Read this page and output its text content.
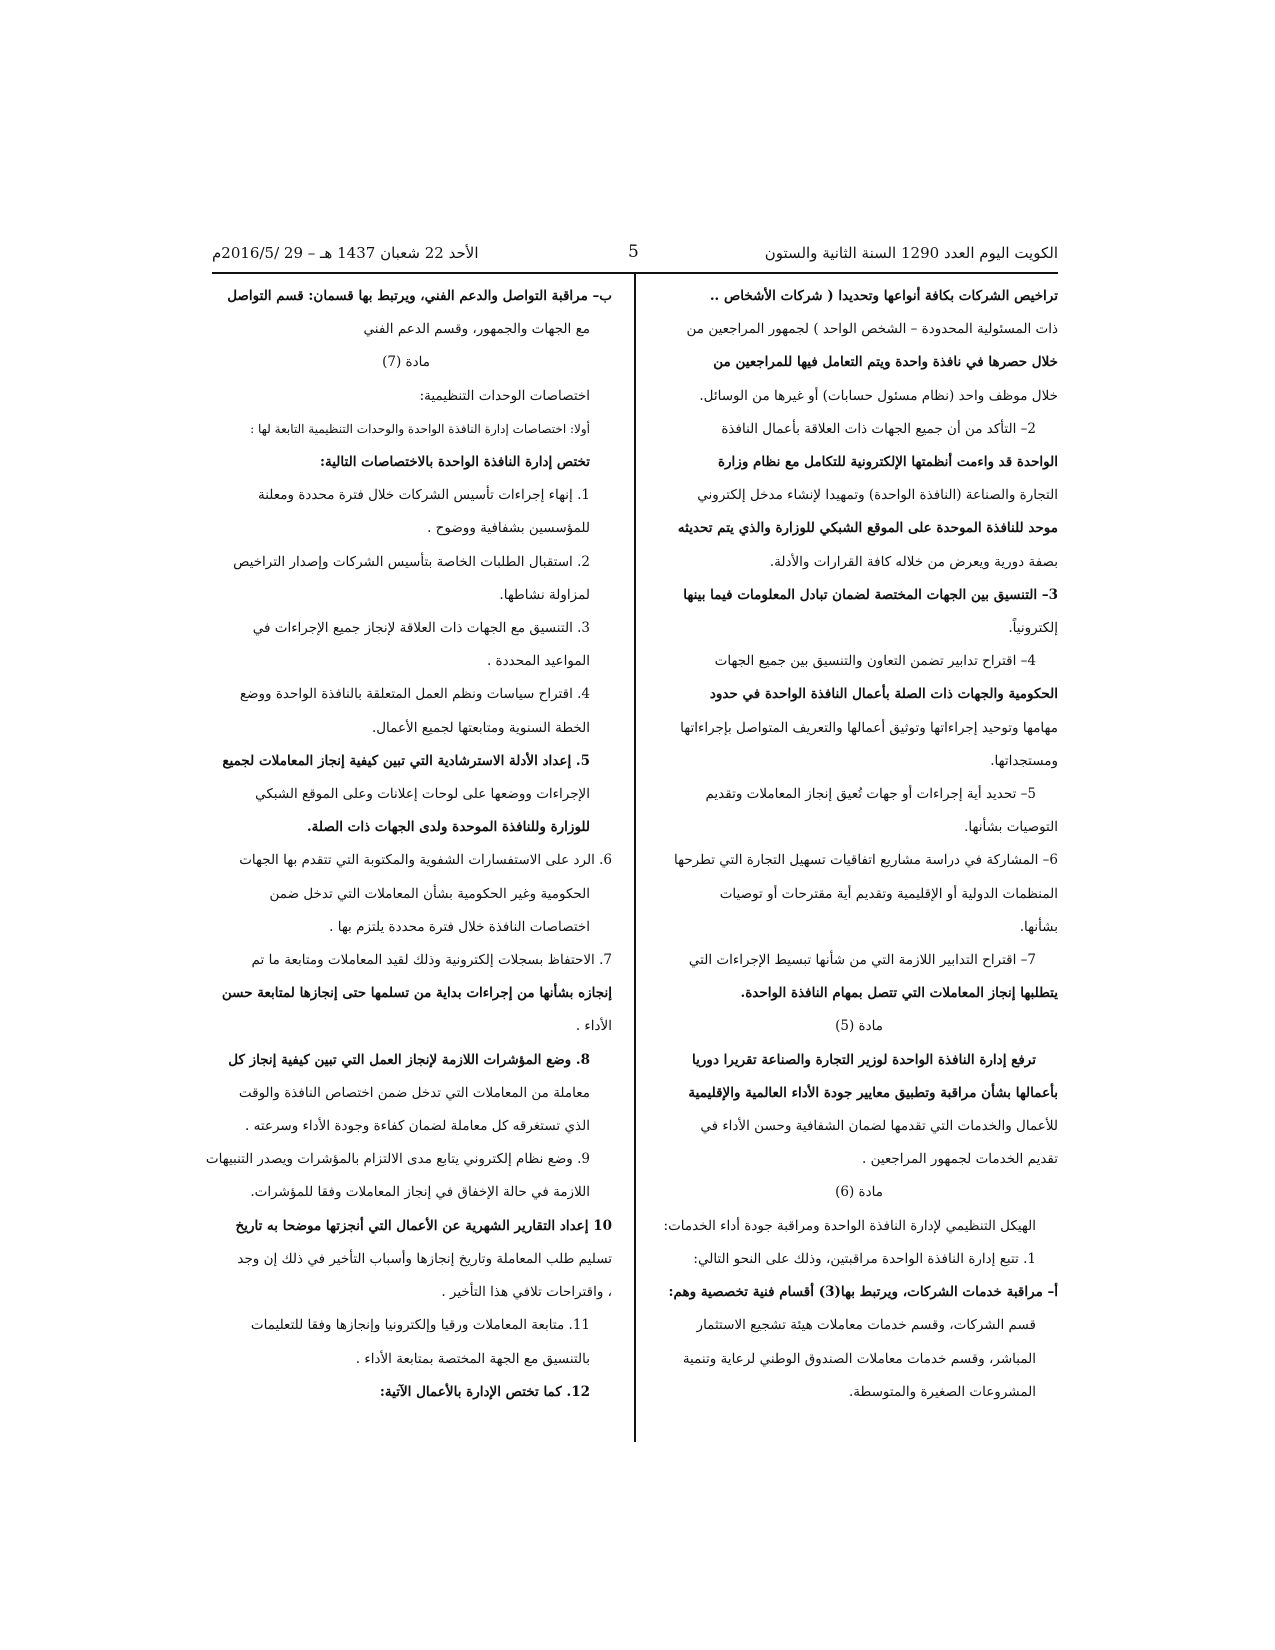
الكويت اليوم العدد 1290 السنة الثانية والستون
5
الأحد 22 شعبان 1437 هـ – 29 /2016/5م

تراخيص الشركات بكافة أنواعها وتحديدا ( شركات الأشخاص ..

ذات المسئولية المحدودة – الشخص الواحد ) لجمهور المراجعين من

خلال حصرها في نافذة واحدة ويتم التعامل فيها للمراجعين من

خلال موظف واحد (نظام مسئول حسابات) أو غيرها من الوسائل.

2– التأكد من أن جميع الجهات ذات العلاقة بأعمال النافذة

الواحدة قد واءمت أنظمتها الإلكترونية للتكامل مع نظام وزارة

التجارة والصناعة (النافذة الواحدة) وتمهيدا لإنشاء مدخل إلكتروني

موحد للنافذة الموحدة على الموقع الشبكي للوزارة والذي يتم تحديثه

بصفة دورية ويعرض من خلاله كافة القرارات والأدلة.

3– التنسيق بين الجهات المختصة لضمان تبادل المعلومات فيما بينها

إلكترونياً.

4– اقتراح تدابير تضمن التعاون والتنسيق بين جميع الجهات

الحكومية والجهات ذات الصلة بأعمال النافذة الواحدة في حدود

مهامها وتوحيد إجراءاتها وتوثيق أعمالها والتعريف المتواصل بإجراءاتها

ومستجداتها.

5– تحديد أية إجراءات أو جهات تُعيق إنجاز المعاملات وتقديم

التوصيات بشأنها.

6– المشاركة في دراسة مشاريع اتفاقيات تسهيل التجارة التي تطرحها

المنظمات الدولية أو الإقليمية وتقديم أية مقترحات أو توصيات

بشأنها.

7– اقتراح التدابير اللازمة التي من شأنها تبسيط الإجراءات التي

يتطلبها إنجاز المعاملات التي تتصل بمهام النافذة الواحدة.

مادة (5)

ترفع إدارة النافذة الواحدة لوزير التجارة والصناعة تقريرا دوريا

بأعمالها بشأن مراقبة وتطبيق معايير جودة الأداء العالمية والإقليمية

للأعمال والخدمات التي تقدمها لضمان الشفافية وحسن الأداء في

تقديم الخدمات لجمهور المراجعين .

مادة (6)

الهيكل التنظيمي لإدارة النافذة الواحدة ومراقبة جودة أداء الخدمات:

1. تتبع إدارة النافذة الواحدة مراقبتين، وذلك على النحو التالي:

أ– مراقبة خدمات الشركات، ويرتبط بها(3) أقسام فنية تخصصية وهم:

قسم الشركات، وقسم خدمات معاملات هيئة تشجيع الاستثمار

المباشر، وقسم خدمات معاملات الصندوق الوطني لرعاية وتنمية

المشروعات الصغيرة والمتوسطة.

ب– مراقبة التواصل والدعم الفني، ويرتبط بها قسمان: قسم التواصل

مع الجهات والجمهور، وقسم الدعم الفني

مادة (7)

اختصاصات الوحدات التنظيمية:

أولا: اختصاصات إدارة النافذة الواحدة والوحدات التنظيمية التابعة لها :

تختص إدارة النافذة الواحدة بالاختصاصات التالية:

1. إنهاء إجراءات تأسيس الشركات خلال فترة محددة ومعلنة

للمؤسسين بشفافية ووضوح .

2. استقبال الطلبات الخاصة بتأسيس الشركات وإصدار التراخيص

لمزاولة نشاطها.

3. التنسيق مع الجهات ذات العلاقة لإنجاز جميع الإجراءات في

المواعيد المحددة .

4. اقتراح سياسات ونظم العمل المتعلقة بالنافذة الواحدة ووضع

الخطة السنوية ومتابعتها لجميع الأعمال.

5. إعداد الأدلة الاسترشادية التي تبين كيفية إنجاز المعاملات لجميع

الإجراءات ووضعها على لوحات إعلانات وعلى الموقع الشبكي

للوزارة وللنافذة الموحدة ولدى الجهات ذات الصلة.

6. الرد على الاستفسارات الشفوية والمكتوبة التي تتقدم بها الجهات

الحكومية وغير الحكومية بشأن المعاملات التي تدخل ضمن

اختصاصات النافذة خلال فترة محددة يلتزم بها .

7. الاحتفاظ بسجلات إلكترونية وذلك لقيد المعاملات ومتابعة ما تم

إنجازه بشأنها من إجراءات بداية من تسلمها حتى إنجازها لمتابعة حسن

الأداء .

8. وضع المؤشرات اللازمة لإنجاز العمل التي تبين كيفية إنجاز كل

معاملة من المعاملات التي تدخل ضمن اختصاص النافذة والوقت

الذي تستغرقه كل معاملة لضمان كفاءة وجودة الأداء وسرعته .

9. وضع نظام إلكتروني يتابع مدى الالتزام بالمؤشرات ويصدر التنبيهات

اللازمة في حالة الإخفاق في إنجاز المعاملات وفقا للمؤشرات.

10 إعداد التقارير الشهرية عن الأعمال التي أنجزتها موضحا به تاريخ

تسليم طلب المعاملة وتاريخ إنجازها وأسباب التأخير في ذلك إن وجد

، واقتراحات تلافي هذا التأخير .

11. متابعة المعاملات ورقيا وإلكترونيا وإنجازها وفقا للتعليمات

بالتنسيق مع الجهة المختصة بمتابعة الأداء .

12. كما تختص الإدارة بالأعمال الآتية:
